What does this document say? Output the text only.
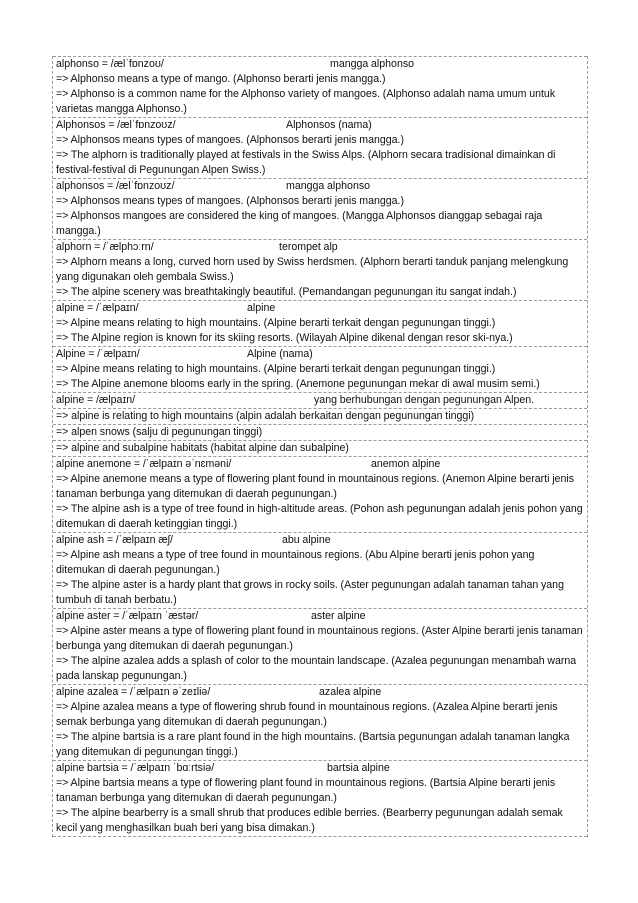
alphonso = /ælˈfɒnzoʊ/	mangga alphonso
=> Alphonso means a type of mango. (Alphonso berarti jenis mangga.)
=> Alphonso is a common name for the Alphonso variety of mangoes. (Alphonso adalah nama umum untuk varietas mangga Alphonso.)
Alphonsos = /ælˈfɒnzoʊz/	Alphonsos (nama)
=> Alphonsos means types of mangoes. (Alphonsos berarti jenis mangga.)
=> The alphorn is traditionally played at festivals in the Swiss Alps. (Alphorn secara tradisional dimainkan di festival-festival di Pegunungan Alpen Swiss.)
alphonsos = /ælˈfɒnzoʊz/	mangga alphonso
=> Alphonsos means types of mangoes. (Alphonsos berarti jenis mangga.)
=> Alphonsos mangoes are considered the king of mangoes. (Mangga Alphonsos dianggap sebagai raja mangga.)
alphorn = /ˈælphɔːrn/	terompet alp
=> Alphorn means a long, curved horn used by Swiss herdsmen. (Alphorn berarti tanduk panjang melengkung yang digunakan oleh gembala Swiss.)
=> The alpine scenery was breathtakingly beautiful. (Pemandangan pegunungan itu sangat indah.)
alpine = /ˈælpaɪn/	alpine
=> Alpine means relating to high mountains. (Alpine berarti terkait dengan pegunungan tinggi.)
=> The Alpine region is known for its skiing resorts. (Wilayah Alpine dikenal dengan resor ski-nya.)
Alpine = /ˈælpaɪn/	Alpine (nama)
=> Alpine means relating to high mountains. (Alpine berarti terkait dengan pegunungan tinggi.)
=> The Alpine anemone blooms early in the spring. (Anemone pegunungan mekar di awal musim semi.)
alpine = /ælpaɪn/	yang berhubungan dengan pegunungan Alpen.
=> alpine is relating to high mountains (alpin adalah berkaitan dengan pegunungan tinggi)
=> alpen snows (salju di pegunungan tinggi)
=> alpine and subalpine habitats (habitat alpine dan subalpine)
alpine anemone = /ˈælpaɪn əˈnɛməni/	anemon alpine
=> Alpine anemone means a type of flowering plant found in mountainous regions. (Anemon Alpine berarti jenis tanaman berbunga yang ditemukan di daerah pegunungan.)
=> The alpine ash is a type of tree found in high-altitude areas. (Pohon ash pegunungan adalah jenis pohon yang ditemukan di daerah ketinggian tinggi.)
alpine ash = /ˈælpaɪn æʃ/	abu alpine
=> Alpine ash means a type of tree found in mountainous regions. (Abu Alpine berarti jenis pohon yang ditemukan di daerah pegunungan.)
=> The alpine aster is a hardy plant that grows in rocky soils. (Aster pegunungan adalah tanaman tahan yang tumbuh di tanah berbatu.)
alpine aster = /ˈælpaɪn ˈæstər/	aster alpine
=> Alpine aster means a type of flowering plant found in mountainous regions. (Aster Alpine berarti jenis tanaman berbunga yang ditemukan di daerah pegunungan.)
=> The alpine azalea adds a splash of color to the mountain landscape. (Azalea pegunungan menambah warna pada lanskap pegunungan.)
alpine azalea = /ˈælpaɪn əˈzeɪliə/	azalea alpine
=> Alpine azalea means a type of flowering shrub found in mountainous regions. (Azalea Alpine berarti jenis semak berbunga yang ditemukan di daerah pegunungan.)
=> The alpine bartsia is a rare plant found in the high mountains. (Bartsia pegunungan adalah tanaman langka yang ditemukan di pegunungan tinggi.)
alpine bartsia = /ˈælpaɪn ˈbɑːrtsiə/	bartsia alpine
=> Alpine bartsia means a type of flowering plant found in mountainous regions. (Bartsia Alpine berarti jenis tanaman berbunga yang ditemukan di daerah pegunungan.)
=> The alpine bearberry is a small shrub that produces edible berries. (Bearberry pegunungan adalah semak kecil yang menghasilkan buah beri yang bisa dimakan.)
